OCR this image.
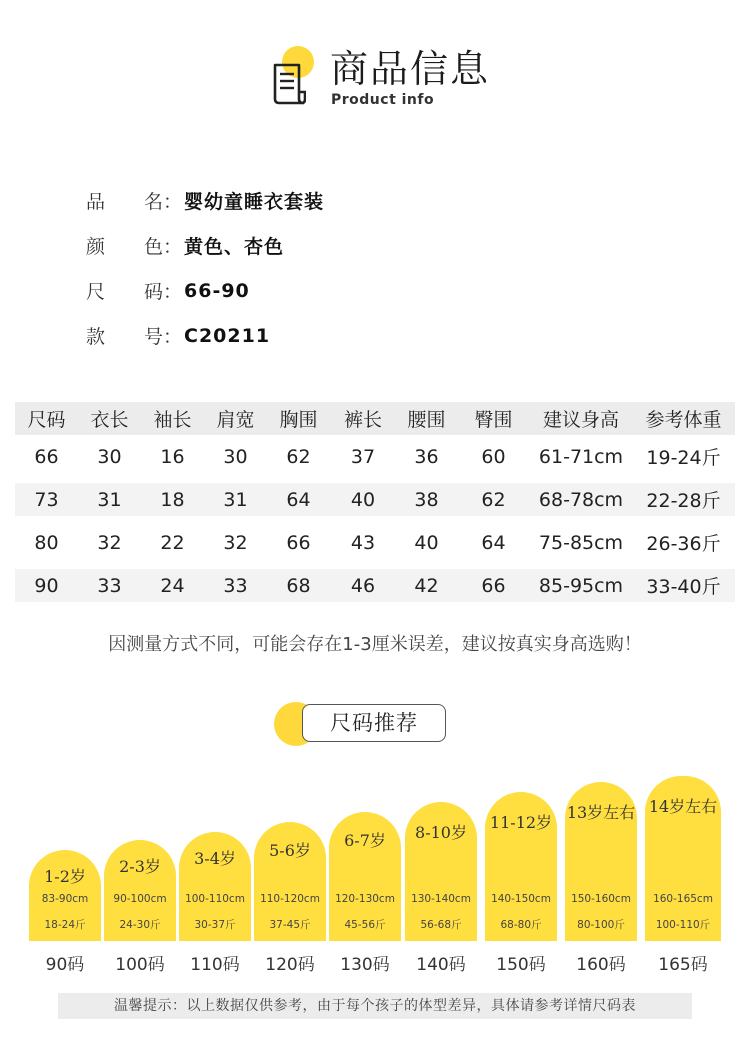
商品信息
Product info
品 名： 婴幼童睡衣套装
颜 色： 黄色、杏色
尺 码： 66-90
款 号： C20211
尺码	衣长	袖长	肩宽	胸围	裤长	腰围	臀围	建议身高	参考体重
66	30	16	30	62	37	36	60	61-71cm	19-24斤
73	31	18	31	64	40	38	62	68-78cm	22-28斤
80	32	22	32	66	43	40	64	75-85cm	26-36斤
90	33	24	33	68	46	42	66	85-95cm	33-40斤
因测量方式不同，可能会存在1-3厘米误差，建议按真实身高选购！
尺码推荐
1-2岁
83-90cm
18-24斤
2-3岁
90-100cm
24-30斤
3-4岁
100-110cm
30-37斤
5-6岁
110-120cm
37-45斤
6-7岁
120-130cm
45-56斤
8-10岁
130-140cm
56-68斤
11-12岁
140-150cm
68-80斤
13岁左右
150-160cm
80-100斤
14岁左右
160-165cm
100-110斤
90码	100码	110码	120码	130码	140码	150码	160码	165码
温馨提示：以上数据仅供参考，由于每个孩子的体型差异，具体请参考详情尺码表
